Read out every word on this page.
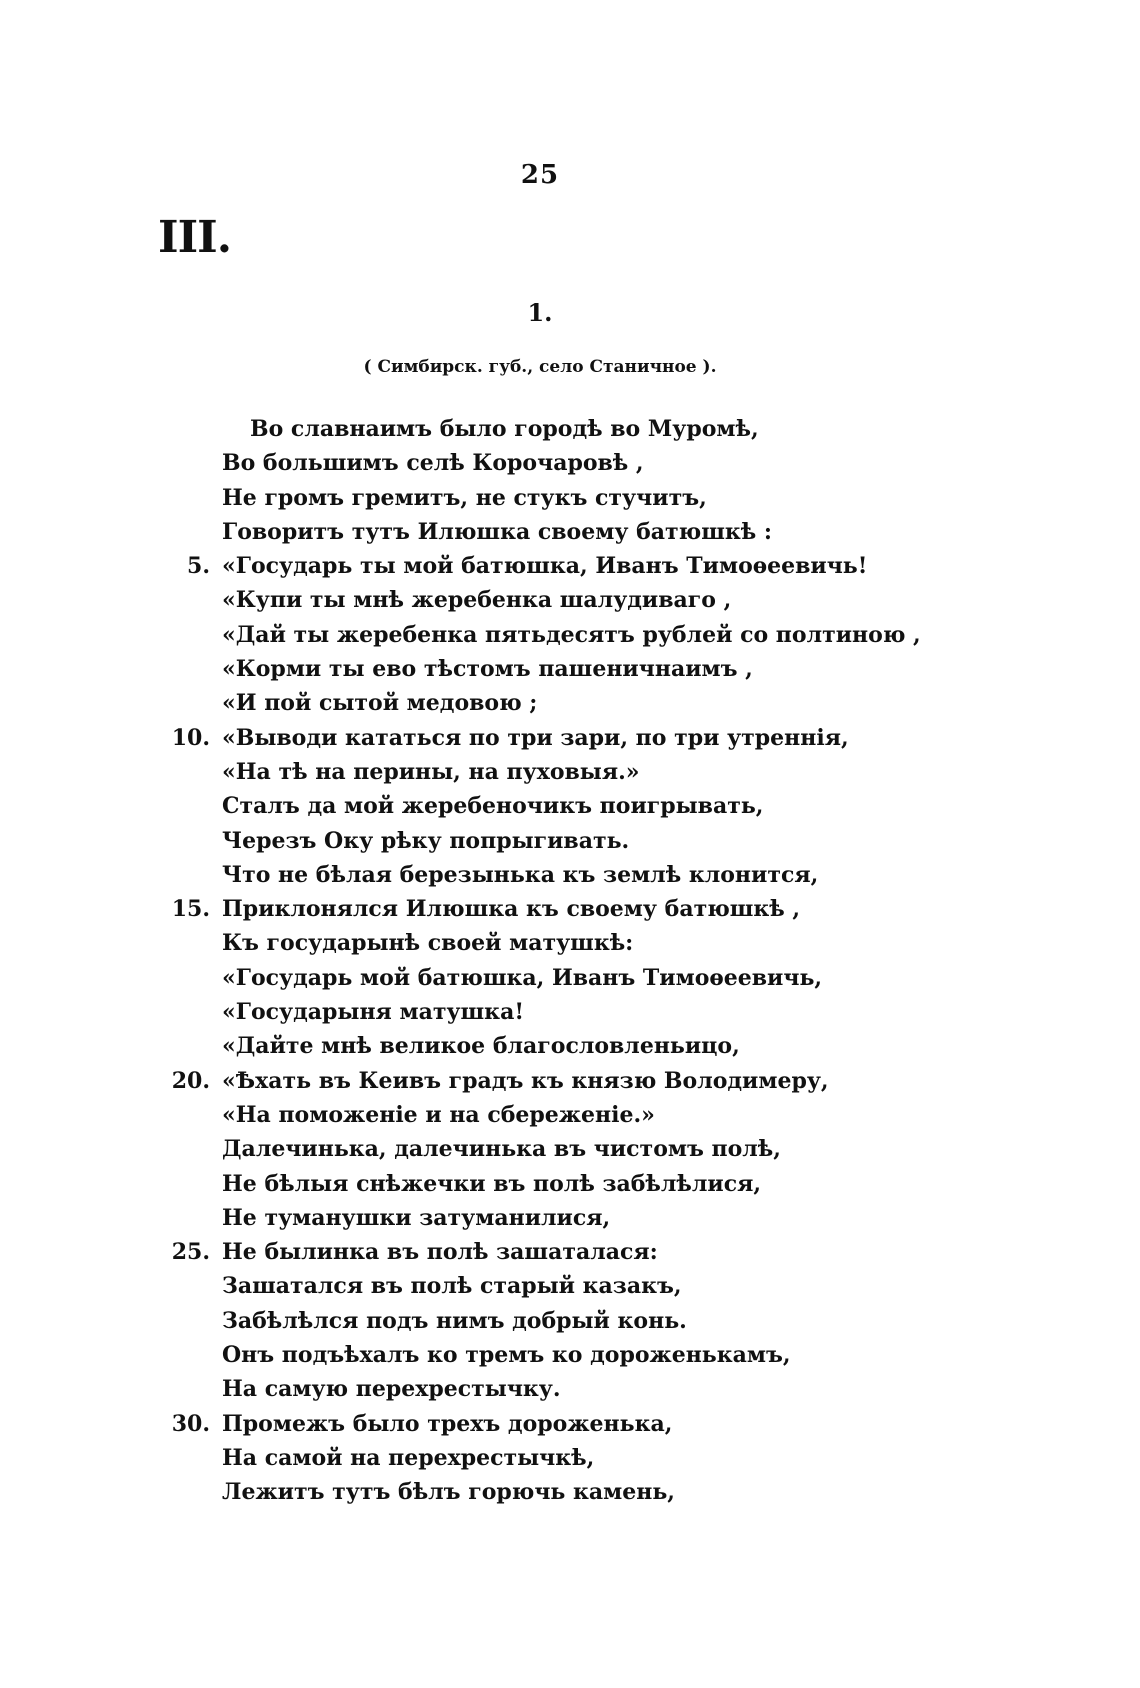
25
III.
1.
( Симбирск. губ., село Станичное ).
Во славнаимъ было городѣ во Муромѣ,
Во большимъ селѣ Корочаровѣ ,
Не громъ гремитъ, не стукъ стучитъ,
Говоритъ тутъ Илюшка своему батюшкѣ :
5. «Государь ты мой батюшка, Иванъ Тимоѳеевичь!
«Купи ты мнѣ жеребенка шалудиваго ,
«Дай ты жеребенка пятьдесятъ рублей со полтиною ,
«Корми ты ево тѣстомъ пашеничнаимъ ,
«И пой сытой медовою ;
10. «Выводи кататься по три зари, по три утреннія,
«На тѣ на перины, на пуховыя.»
Сталъ да мой жеребеночикъ поигрывать,
Черезъ Оку рѣку попрыгивать.
Что не бѣлая березынька къ землѣ клонится,
15. Приклонялся Илюшка къ своему батюшкѣ ,
Къ государынѣ своей матушкѣ:
«Государь мой батюшка, Иванъ Тимоѳеевичь,
«Государыня матушка!
«Дайте мнѣ великое благословленьицо,
20. «Ѣхать въ Кеивъ градъ къ князю Володимеру,
«На поможеніе и на сбереженіе.»
Далечинька, далечинька въ чистомъ полѣ,
Не бѣлыя снѣжечки въ полѣ забѣлѣлися,
Не туманушки затуманилися,
25. Не былинка въ полѣ зашаталася:
Зашатался въ полѣ старый казакъ,
Забѣлѣлся подъ нимъ добрый конь.
Онъ подъѣхалъ ко тремъ ко дороженькамъ,
На самую перехрестычку.
30. Промежъ было трехъ дороженька,
На самой на перехрестычкѣ,
Лежитъ тутъ бѣлъ горючь камень,
